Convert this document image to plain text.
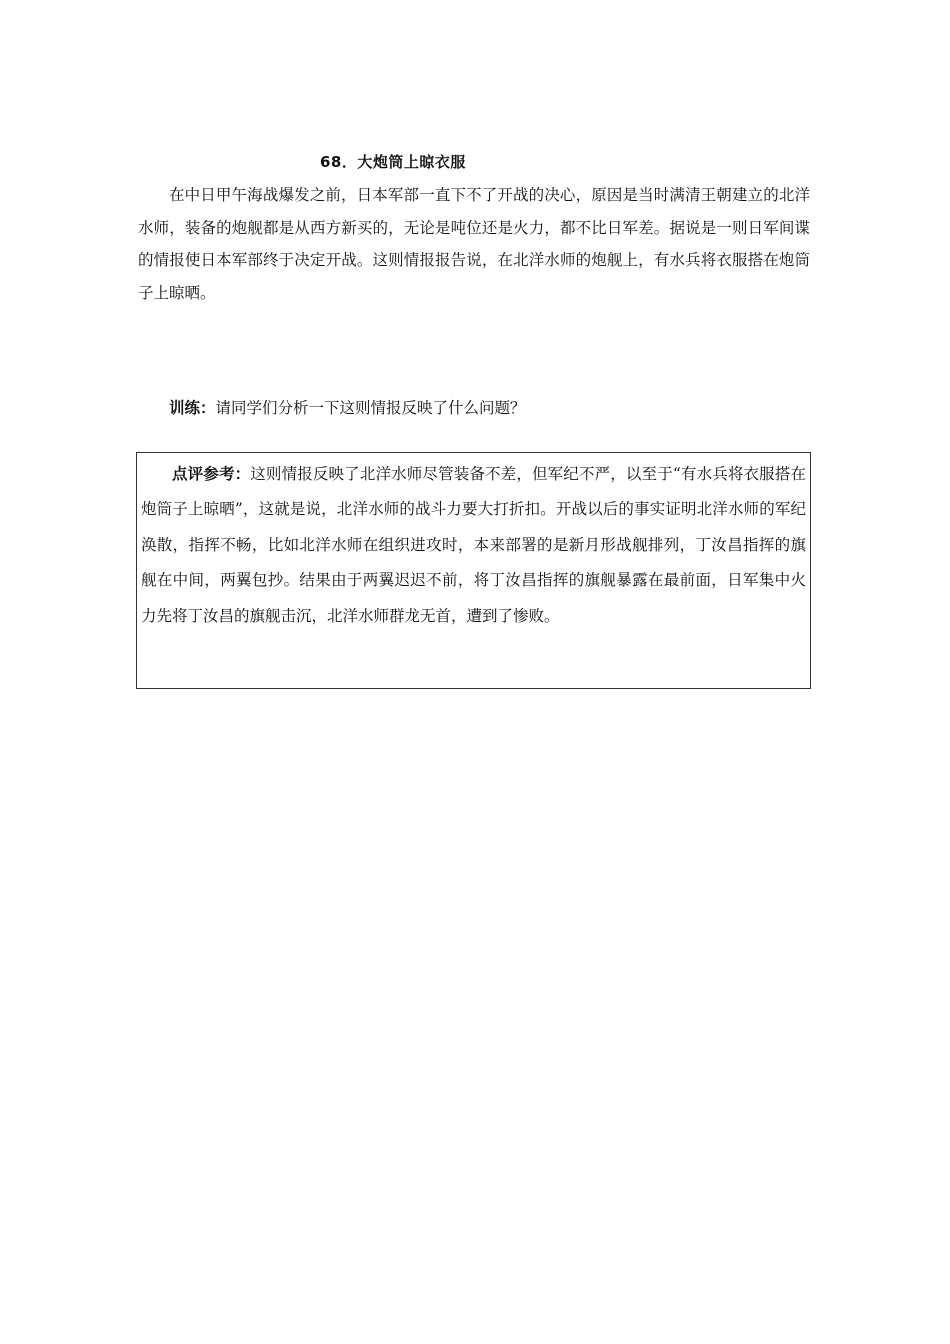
68．大炮筒上晾衣服

在中日甲午海战爆发之前，日本军部一直下不了开战的决心，原因是当时满清王朝建立的北洋水师，装备的炮舰都是从西方新买的，无论是吨位还是火力，都不比日军差。据说是一则日军间谍的情报使日本军部终于决定开战。这则情报报告说，在北洋水师的炮舰上，有水兵将衣服搭在炮筒子上晾晒。

训练：请同学们分析一下这则情报反映了什么问题？

点评参考：这则情报反映了北洋水师尽管装备不差，但军纪不严，以至于“有水兵将衣服搭在炮筒子上晾晒”，这就是说，北洋水师的战斗力要大打折扣。开战以后的事实证明北洋水师的军纪涣散，指挥不畅，比如北洋水师在组织进攻时，本来部署的是新月形战舰排列，丁汝昌指挥的旗舰在中间，两翼包抄。结果由于两翼迟迟不前，将丁汝昌指挥的旗舰暴露在最前面，日军集中火力先将丁汝昌的旗舰击沉，北洋水师群龙无首，遭到了惨败。
